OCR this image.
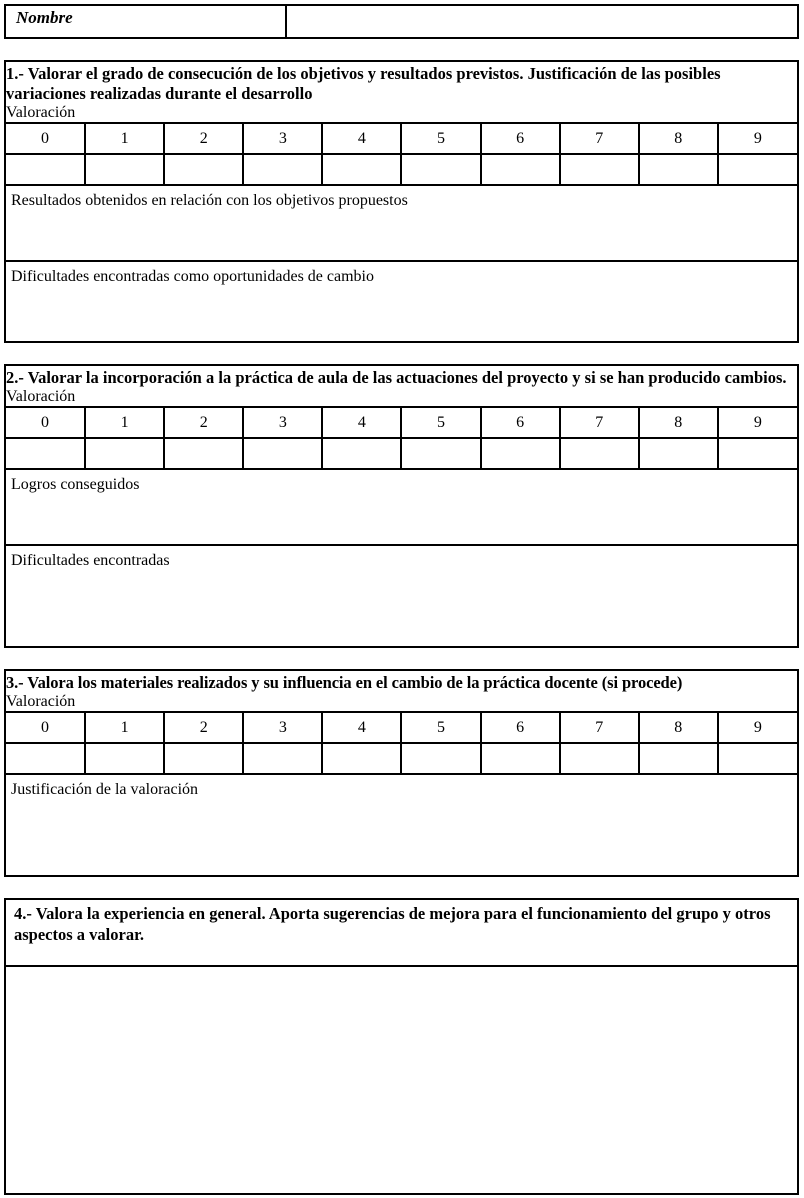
Nombre
1.- Valorar el grado de consecución de los objetivos y resultados previstos. Justificación de las posibles variaciones realizadas durante el desarrollo
Valoración
0	1	2	3	4	5	6	7	8	9

Resultados obtenidos en relación con los objetivos propuestos
Dificultades encontradas como oportunidades de cambio
2.- Valorar la incorporación a la práctica de aula de las actuaciones del proyecto y si se han producido cambios.
Valoración
0	1	2	3	4	5	6	7	8	9

Logros conseguidos
Dificultades encontradas
3.- Valora los materiales realizados y su influencia en el cambio de la práctica docente (si procede)
Valoración
0	1	2	3	4	5	6	7	8	9

Justificación de la valoración
4.- Valora la experiencia en general. Aporta sugerencias de mejora para el funcionamiento del grupo y otros aspectos a valorar.
